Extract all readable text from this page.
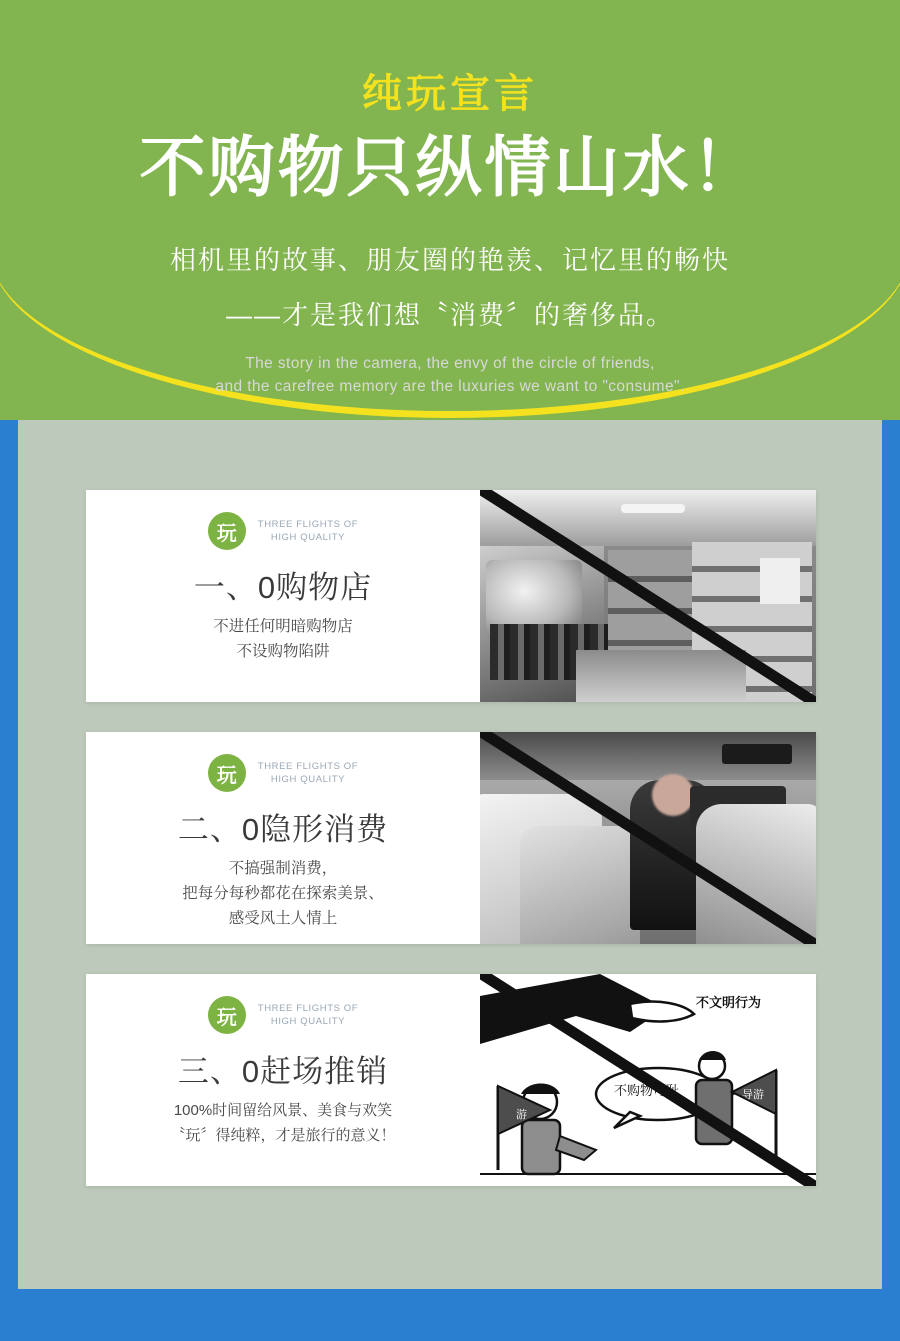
纯玩宣言
不购物只纵情山水！
相机里的故事、朋友圈的艳羡、记忆里的畅快
——才是我们想〝消费〞的奢侈品。
The story in the camera, the envy of the circle of friends,
and the carefree memory are the luxuries we want to "consume".
玩	THREE FLIGHTS OF
HIGH QUALITY
一、0购物店
不进任何明暗购物店
不设购物陷阱
玩	THREE FLIGHTS OF
HIGH QUALITY
二、0隐形消费
不搞强制消费，
把每分每秒都花在探索美景、
感受风土人情上
玩	THREE FLIGHTS OF
HIGH QUALITY
三、0赶场推销
100%时间留给风景、美食与欢笑
〝玩〞得纯粹，才是旅行的意义！
游
导游
不文明行为
不购物可耻
